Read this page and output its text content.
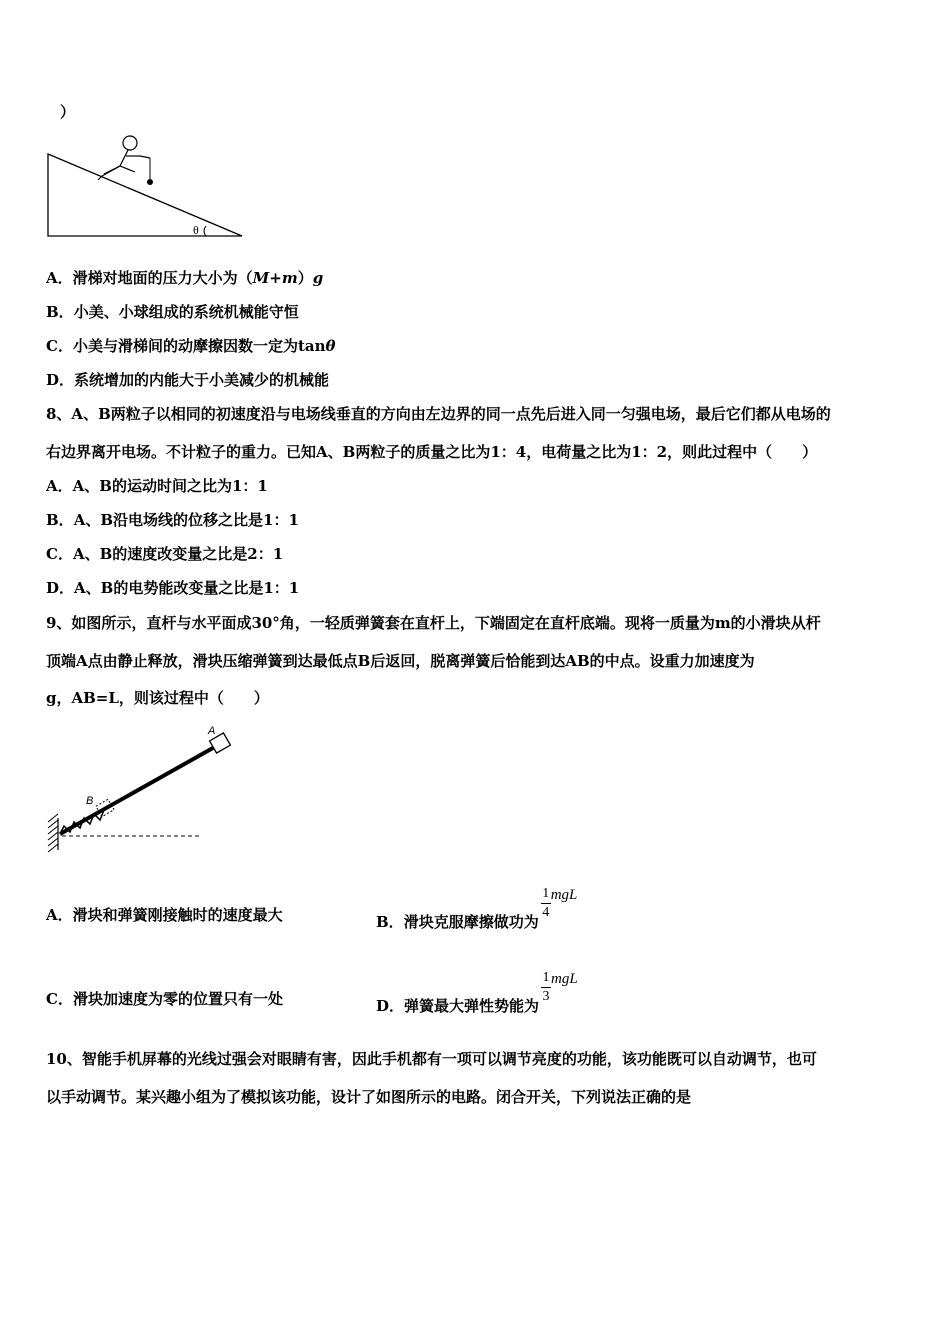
）
θ
A．滑梯对地面的压力大小为（M+m）g
B．小美、小球组成的系统机械能守恒
C．小美与滑梯间的动摩擦因数一定为tanθ
D．系统增加的内能大于小美减少的机械能
8、A、B两粒子以相同的初速度沿与电场线垂直的方向由左边界的同一点先后进入同一匀强电场，最后它们都从电场的
右边界离开电场。不计粒子的重力。已知A、B两粒子的质量之比为1：4，电荷量之比为1：2，则此过程中（　　）
A．A、B的运动时间之比为1：1
B．A、B沿电场线的位移之比是1：1
C．A、B的速度改变量之比是2：1
D．A、B的电势能改变量之比是1：1
9、如图所示，直杆与水平面成30°角，一轻质弹簧套在直杆上，下端固定在直杆底端。现将一质量为m的小滑块从杆
顶端A点由静止释放，滑块压缩弹簧到达最低点B后返回，脱离弹簧后恰能到达AB的中点。设重力加速度为
g，AB=L，则该过程中（　　）
B
A
A．滑块和弹簧刚接触时的速度最大	B．滑块克服摩擦做功为
$\frac{1}{4}$ mgL
C．滑块加速度为零的位置只有一处	D．弹簧最大弹性势能为
$\frac{1}{3}$ mgL
10、智能手机屏幕的光线过强会对眼睛有害，因此手机都有一项可以调节亮度的功能，该功能既可以自动调节，也可
以手动调节。某兴趣小组为了模拟该功能，设计了如图所示的电路。闭合开关，下列说法正确的是
